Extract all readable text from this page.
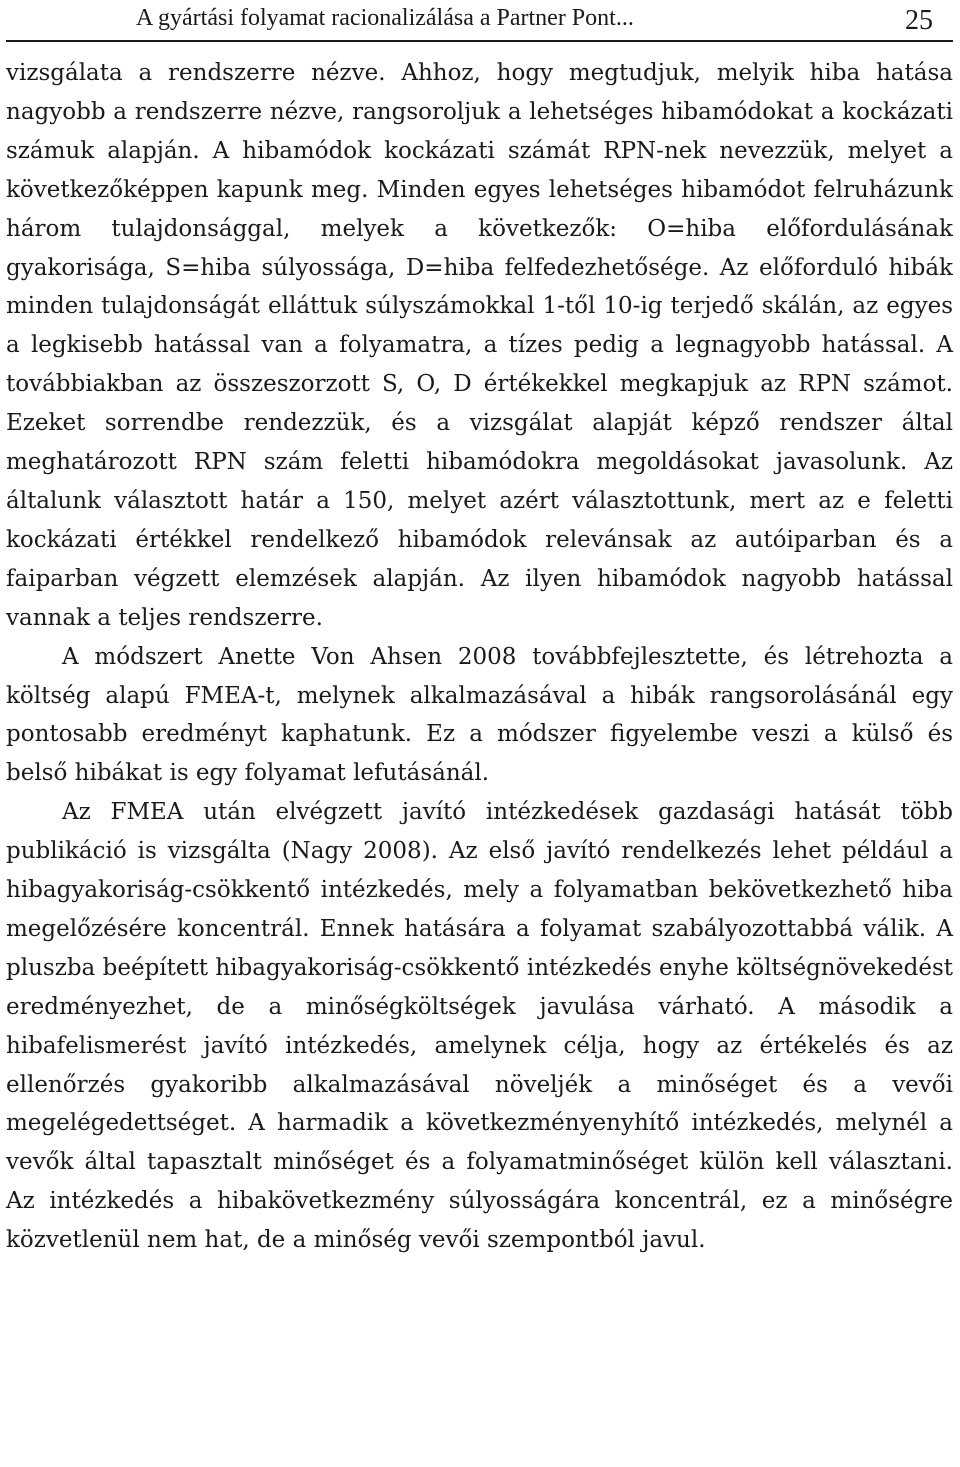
A gyártási folyamat racionalizálása a Partner Pont...	25

vizsgálata a rendszerre nézve. Ahhoz, hogy megtudjuk, melyik hiba hatása nagyobb a rendszerre nézve, rangsoroljuk a lehetséges hibamódokat a kockázati számuk alapján. A hibamódok kockázati számát RPN-nek nevezzük, melyet a következőképpen kapunk meg. Minden egyes lehetséges hibamódot felruházunk három tulajdonsággal, melyek a következők: O=hiba előfordulásának gyakorisága, S=hiba súlyossága, D=hiba felfedezhetősége. Az előforduló hibák minden tulajdonságát elláttuk súlyszámokkal 1-től 10-ig terjedő skálán, az egyes a legkisebb hatással van a folyamatra, a tízes pedig a legnagyobb hatással. A továbbiakban az összeszorzott S, O, D értékekkel megkapjuk az RPN számot. Ezeket sorrendbe rendezzük, és a vizsgálat alapját képző rendszer által meghatározott RPN szám feletti hibamódokra megoldásokat javasolunk. Az általunk választott határ a 150, melyet azért választottunk, mert az e feletti kockázati értékkel rendelkező hibamódok relevánsak az autóiparban és a faiparban végzett elemzések alapján. Az ilyen hibamódok nagyobb hatással vannak a teljes rendszerre.

A módszert Anette Von Ahsen 2008 továbbfejlesztette, és létrehozta a költség alapú FMEA-t, melynek alkalmazásával a hibák rangsorolásánál egy pontosabb eredményt kaphatunk. Ez a módszer figyelembe veszi a külső és belső hibákat is egy folyamat lefutásánál.

Az FMEA után elvégzett javító intézkedések gazdasági hatását több publikáció is vizsgálta (Nagy 2008). Az első javító rendelkezés lehet például a hibagyakoriság-csökkentő intézkedés, mely a folyamatban bekövetkezhető hiba megelőzésére koncentrál. Ennek hatására a folyamat szabályozottabbá válik. A pluszba beépített hibagyakoriság-csökkentő intézkedés enyhe költségnövekedést eredményezhet, de a minőségköltségek javulása várható. A második a hibafelismerést javító intézkedés, amelynek célja, hogy az értékelés és az ellenőrzés gyakoribb alkalmazásával növeljék a minőséget és a vevői megelégedettséget. A harmadik a következményenyhítő intézkedés, melynél a vevők által tapasztalt minőséget és a folyamatminőséget külön kell választani. Az intézkedés a hibakövetkezmény súlyosságára koncentrál, ez a minőségre közvetlenül nem hat, de a minőség vevői szempontból javul.
